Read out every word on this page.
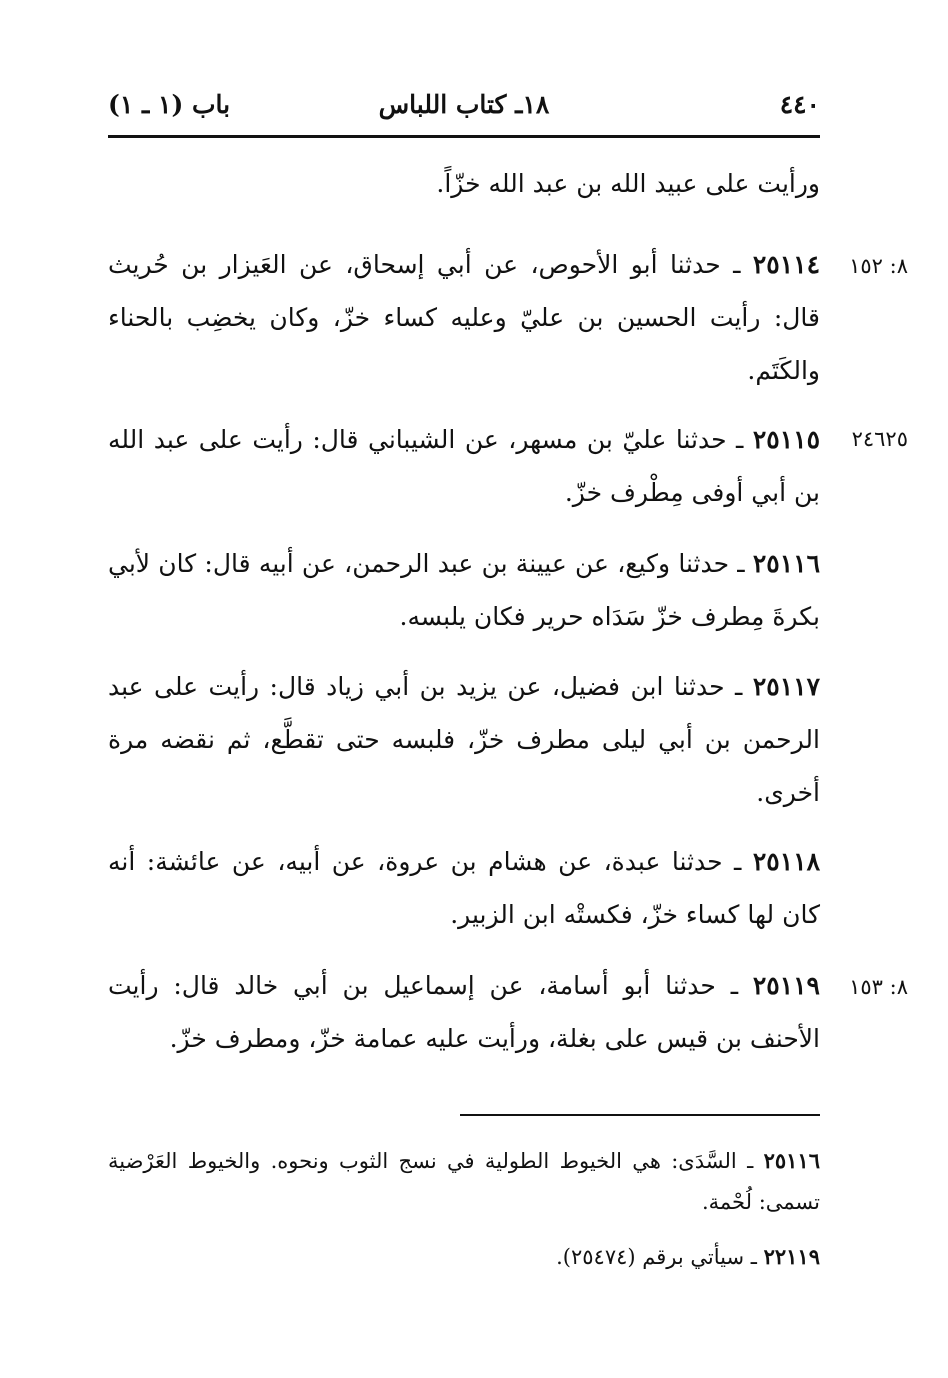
٤٤٠
١٨ـ كتاب اللباس
باب (١ ـ ١)

ورأيت على عبيد الله بن عبد الله خزّاً.

٢٥١١٤ ـ حدثنا أبو الأحوص، عن أبي إسحاق، عن العَيزار بن حُريث قال: رأيت الحسين بن عليّ وعليه كساء خزّ، وكان يخضِب بالحناء والكَتَم.

٨: ١٥٢

٢٥١١٥ ـ حدثنا عليّ بن مسهر، عن الشيباني قال: رأيت على عبد الله بن أبي أوفى مِطْرف خزّ.

٢٤٦٢٥

٢٥١١٦ ـ حدثنا وكيع، عن عيينة بن عبد الرحمن، عن أبيه قال: كان لأبي بكرةَ مِطرف خزّ سَدَاه حرير فكان يلبسه.

٢٥١١٧ ـ حدثنا ابن فضيل، عن يزيد بن أبي زياد قال: رأيت على عبد الرحمن بن أبي ليلى مطرف خزّ، فلبسه حتى تقطَّع، ثم نقضه مرة أخرى.

٢٥١١٨ ـ حدثنا عبدة، عن هشام بن عروة، عن أبيه، عن عائشة: أنه كان لها كساء خزّ، فكستْه ابن الزبير.

٢٥١١٩ ـ حدثنا أبو أسامة، عن إسماعيل بن أبي خالد قال: رأيت الأحنف بن قيس على بغلة، ورأيت عليه عمامة خزّ، ومطرف خزّ.

٨: ١٥٣

٢٥١١٦ ـ السَّدَى: هي الخيوط الطولية في نسج الثوب ونحوه. والخيوط العَرْضية تسمى: لُحْمة.

٢٢١١٩ ـ سيأتي برقم (٢٥٤٧٤).
